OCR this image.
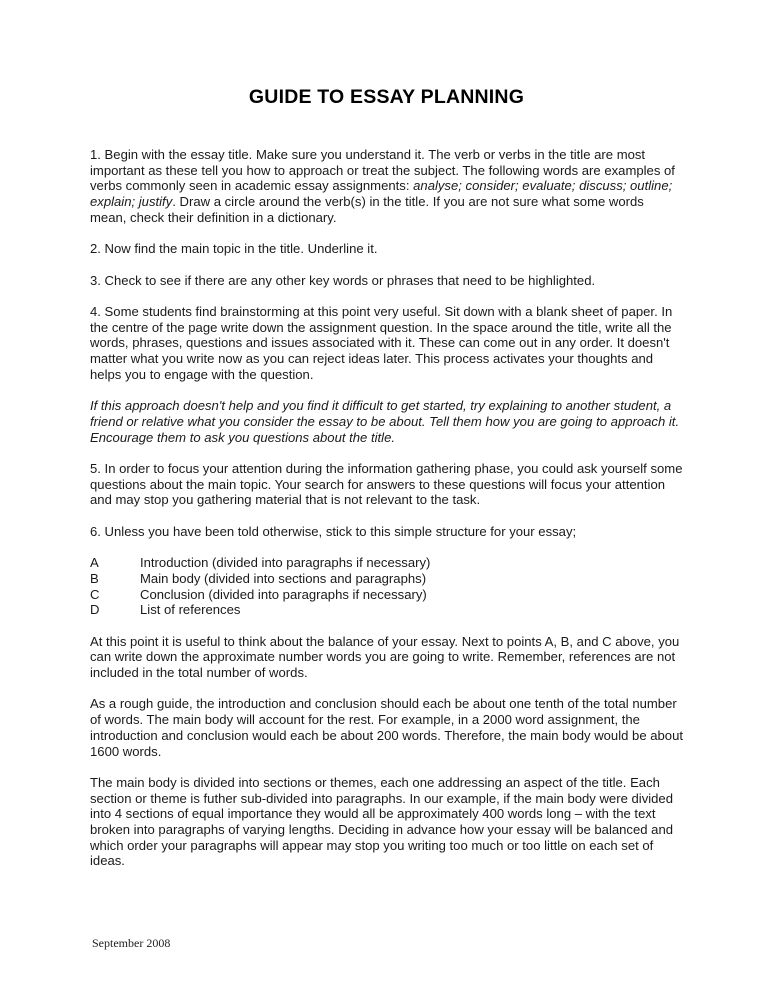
GUIDE TO ESSAY PLANNING

1. Begin with the essay title. Make sure you understand it. The verb or verbs in the title are most important as these tell you how to approach or treat the subject. The following words are examples of verbs commonly seen in academic essay assignments: analyse; consider; evaluate; discuss; outline; explain; justify. Draw a circle around the verb(s) in the title. If you are not sure what some words mean, check their definition in a dictionary.

2. Now find the main topic in the title. Underline it.

3. Check to see if there are any other key words or phrases that need to be highlighted.

4. Some students find brainstorming at this point very useful. Sit down with a blank sheet of paper. In the centre of the page write down the assignment question. In the space around the title, write all the words, phrases, questions and issues associated with it. These can come out in any order. It doesn't matter what you write now as you can reject ideas later. This process activates your thoughts and helps you to engage with the question.

If this approach doesn't help and you find it difficult to get started, try explaining to another student, a friend or relative what you consider the essay to be about. Tell them how you are going to approach it. Encourage them to ask you questions about the title.

5. In order to focus your attention during the information gathering phase, you could ask yourself some questions about the main topic. Your search for answers to these questions will focus your attention and may stop you gathering material that is not relevant to the task.

6. Unless you have been told otherwise, stick to this simple structure for your essay;

A	Introduction (divided into paragraphs if necessary)
B	Main body (divided into sections and paragraphs)
C	Conclusion (divided into paragraphs if necessary)
D	List of references

At this point it is useful to think about the balance of your essay. Next to points A, B, and C above, you can write down the approximate number words you are going to write. Remember, references are not included in the total number of words.

As a rough guide, the introduction and conclusion should each be about one tenth of the total number of words. The main body will account for the rest. For example, in a 2000 word assignment, the introduction and conclusion would each be about 200 words. Therefore, the main body would be about 1600 words.

The main body is divided into sections or themes, each one addressing an aspect of the title. Each section or theme is futher sub-divided into paragraphs. In our example, if the main body were divided into 4 sections of equal importance they would all be approximately 400 words long – with the text broken into paragraphs of varying lengths. Deciding in advance how your essay will be balanced and which order your paragraphs will appear may stop you writing too much or too little on each set of ideas.

September 2008
